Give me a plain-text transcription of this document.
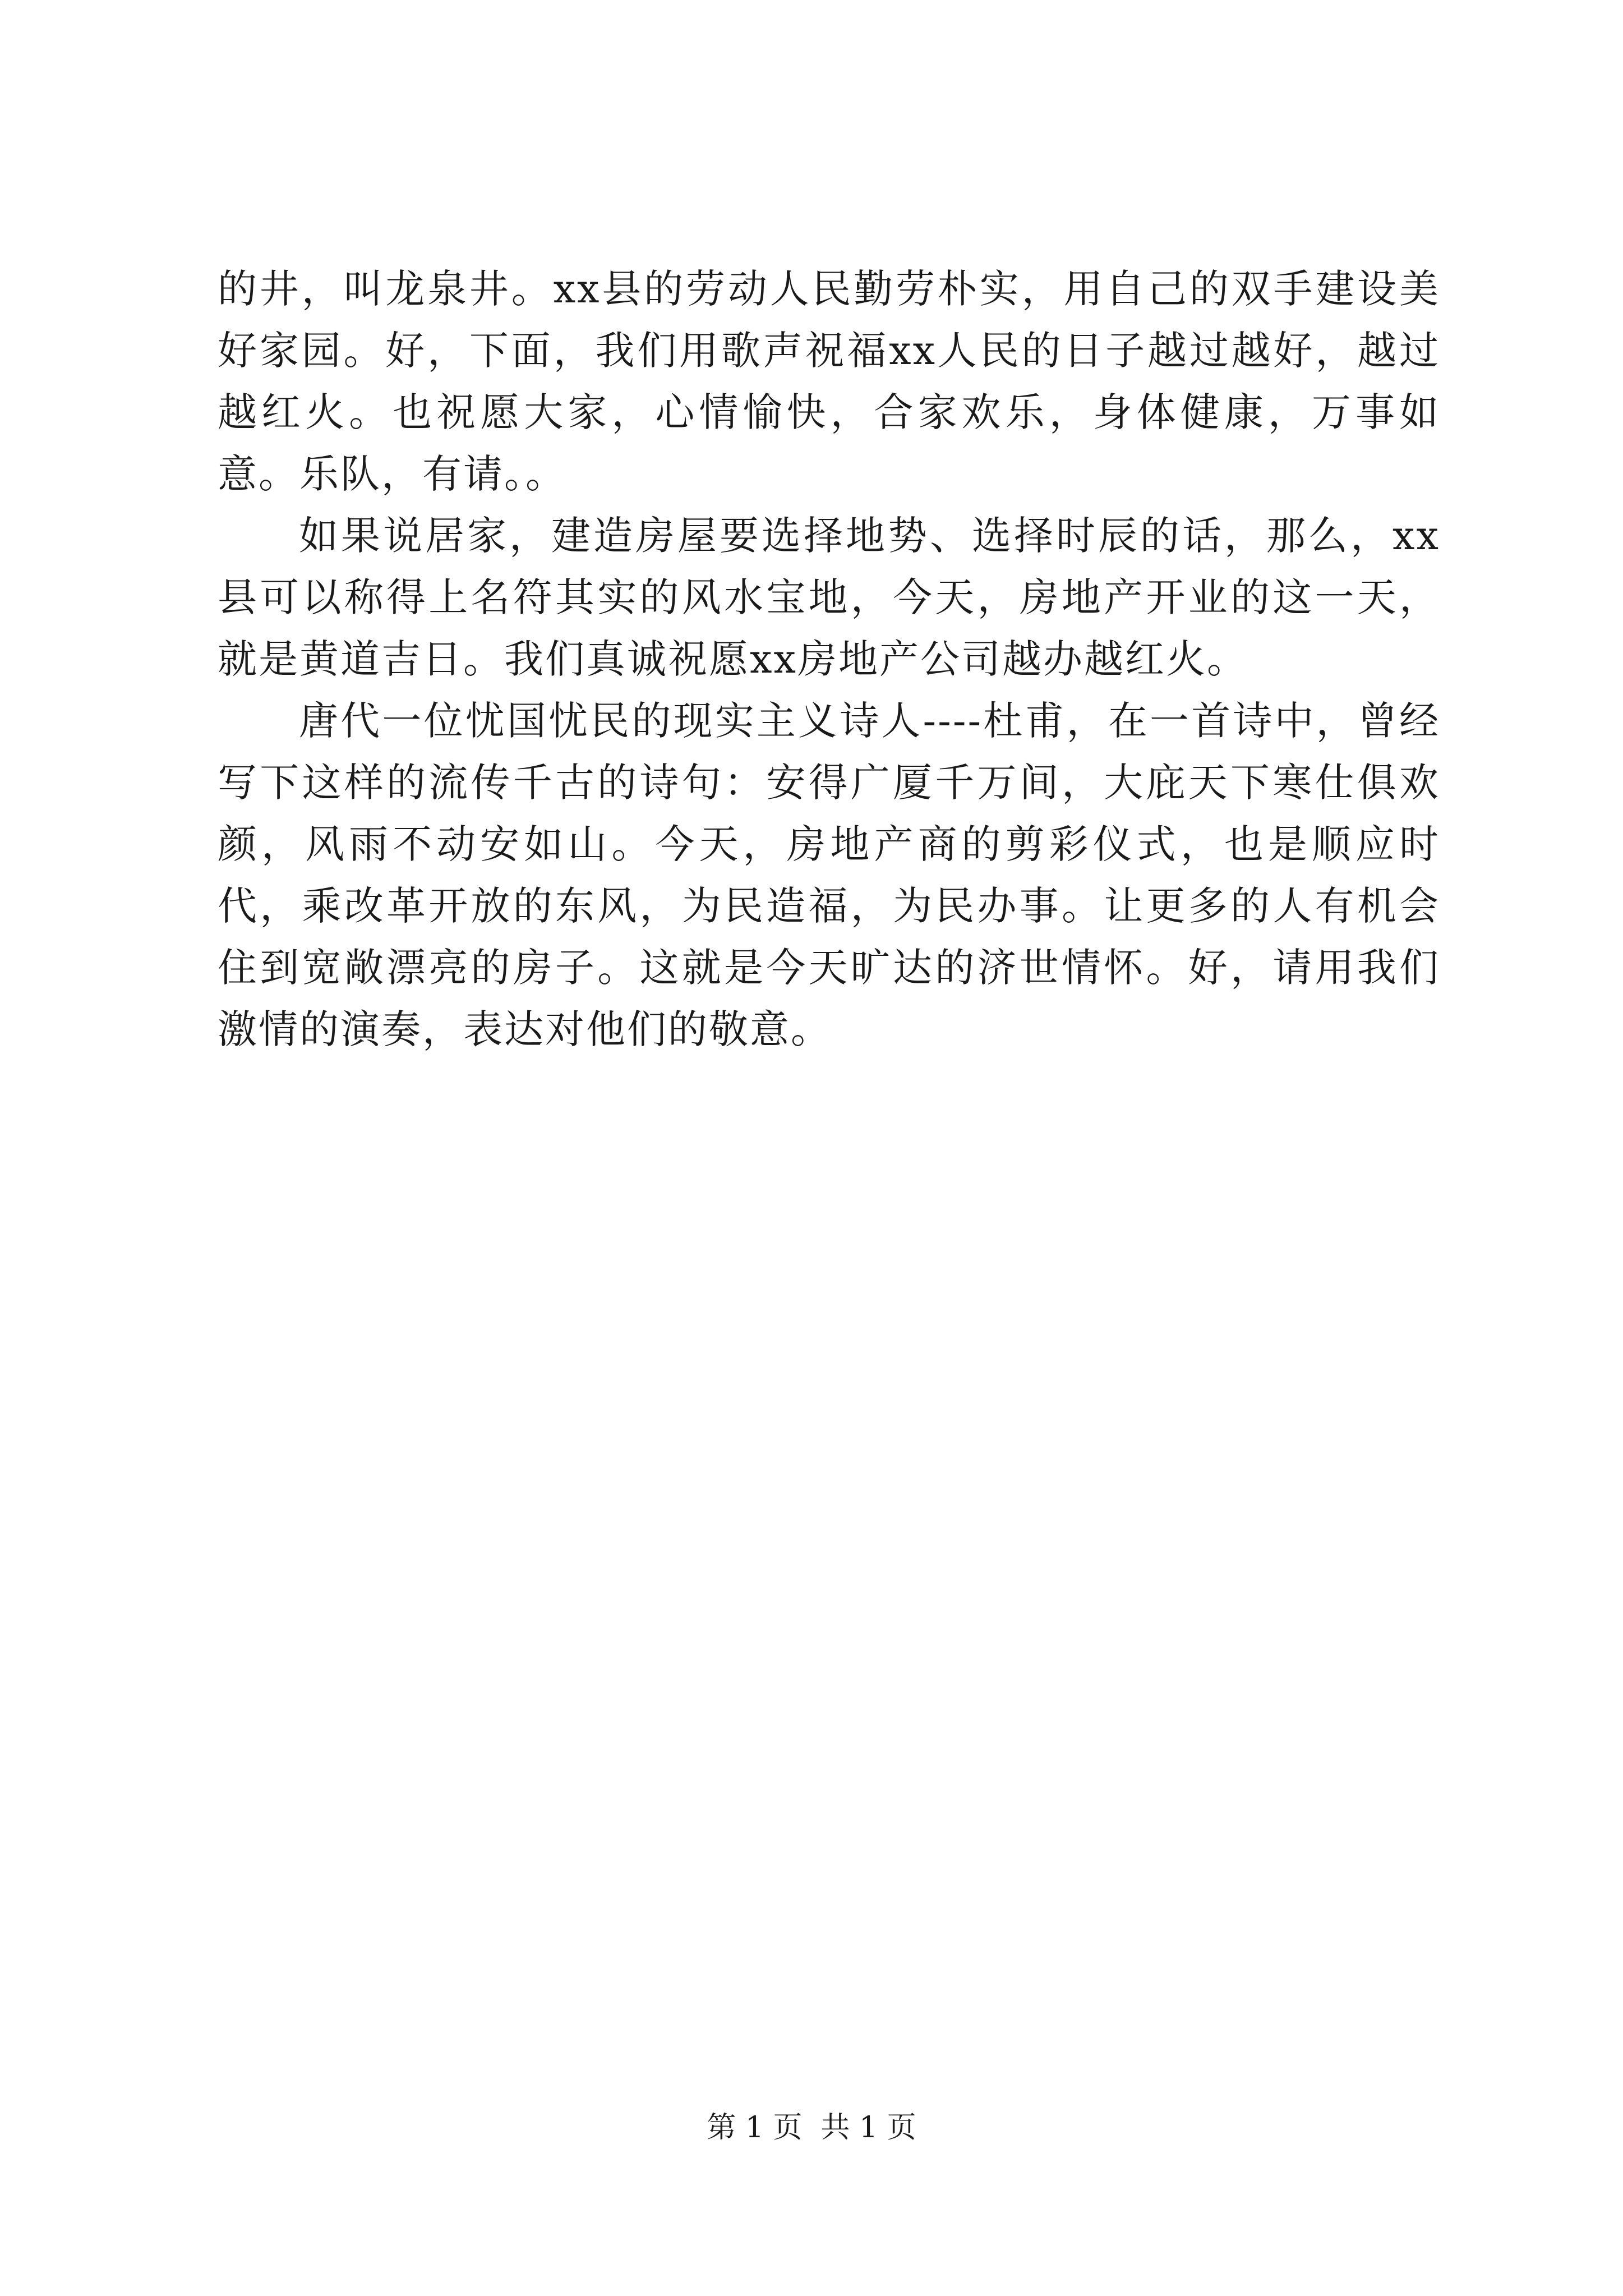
的井，叫龙泉井。xx县的劳动人民勤劳朴实，用自己的双手建设美好家园。好，下面，我们用歌声祝福xx人民的日子越过越好，越过越红火。也祝愿大家，心情愉快，合家欢乐，身体健康，万事如意。乐队，有请。。

如果说居家，建造房屋要选择地势、选择时辰的话，那么，xx县可以称得上名符其实的风水宝地，今天，房地产开业的这一天，就是黄道吉日。我们真诚祝愿xx房地产公司越办越红火。

唐代一位忧国忧民的现实主义诗人----杜甫，在一首诗中，曾经写下这样的流传千古的诗句：安得广厦千万间，大庇天下寒仕俱欢颜，风雨不动安如山。今天，房地产商的剪彩仪式，也是顺应时代，乘改革开放的东风，为民造福，为民办事。让更多的人有机会住到宽敞漂亮的房子。这就是今天旷达的济世情怀。好，请用我们激情的演奏，表达对他们的敬意。

第 1 页  共 1 页
